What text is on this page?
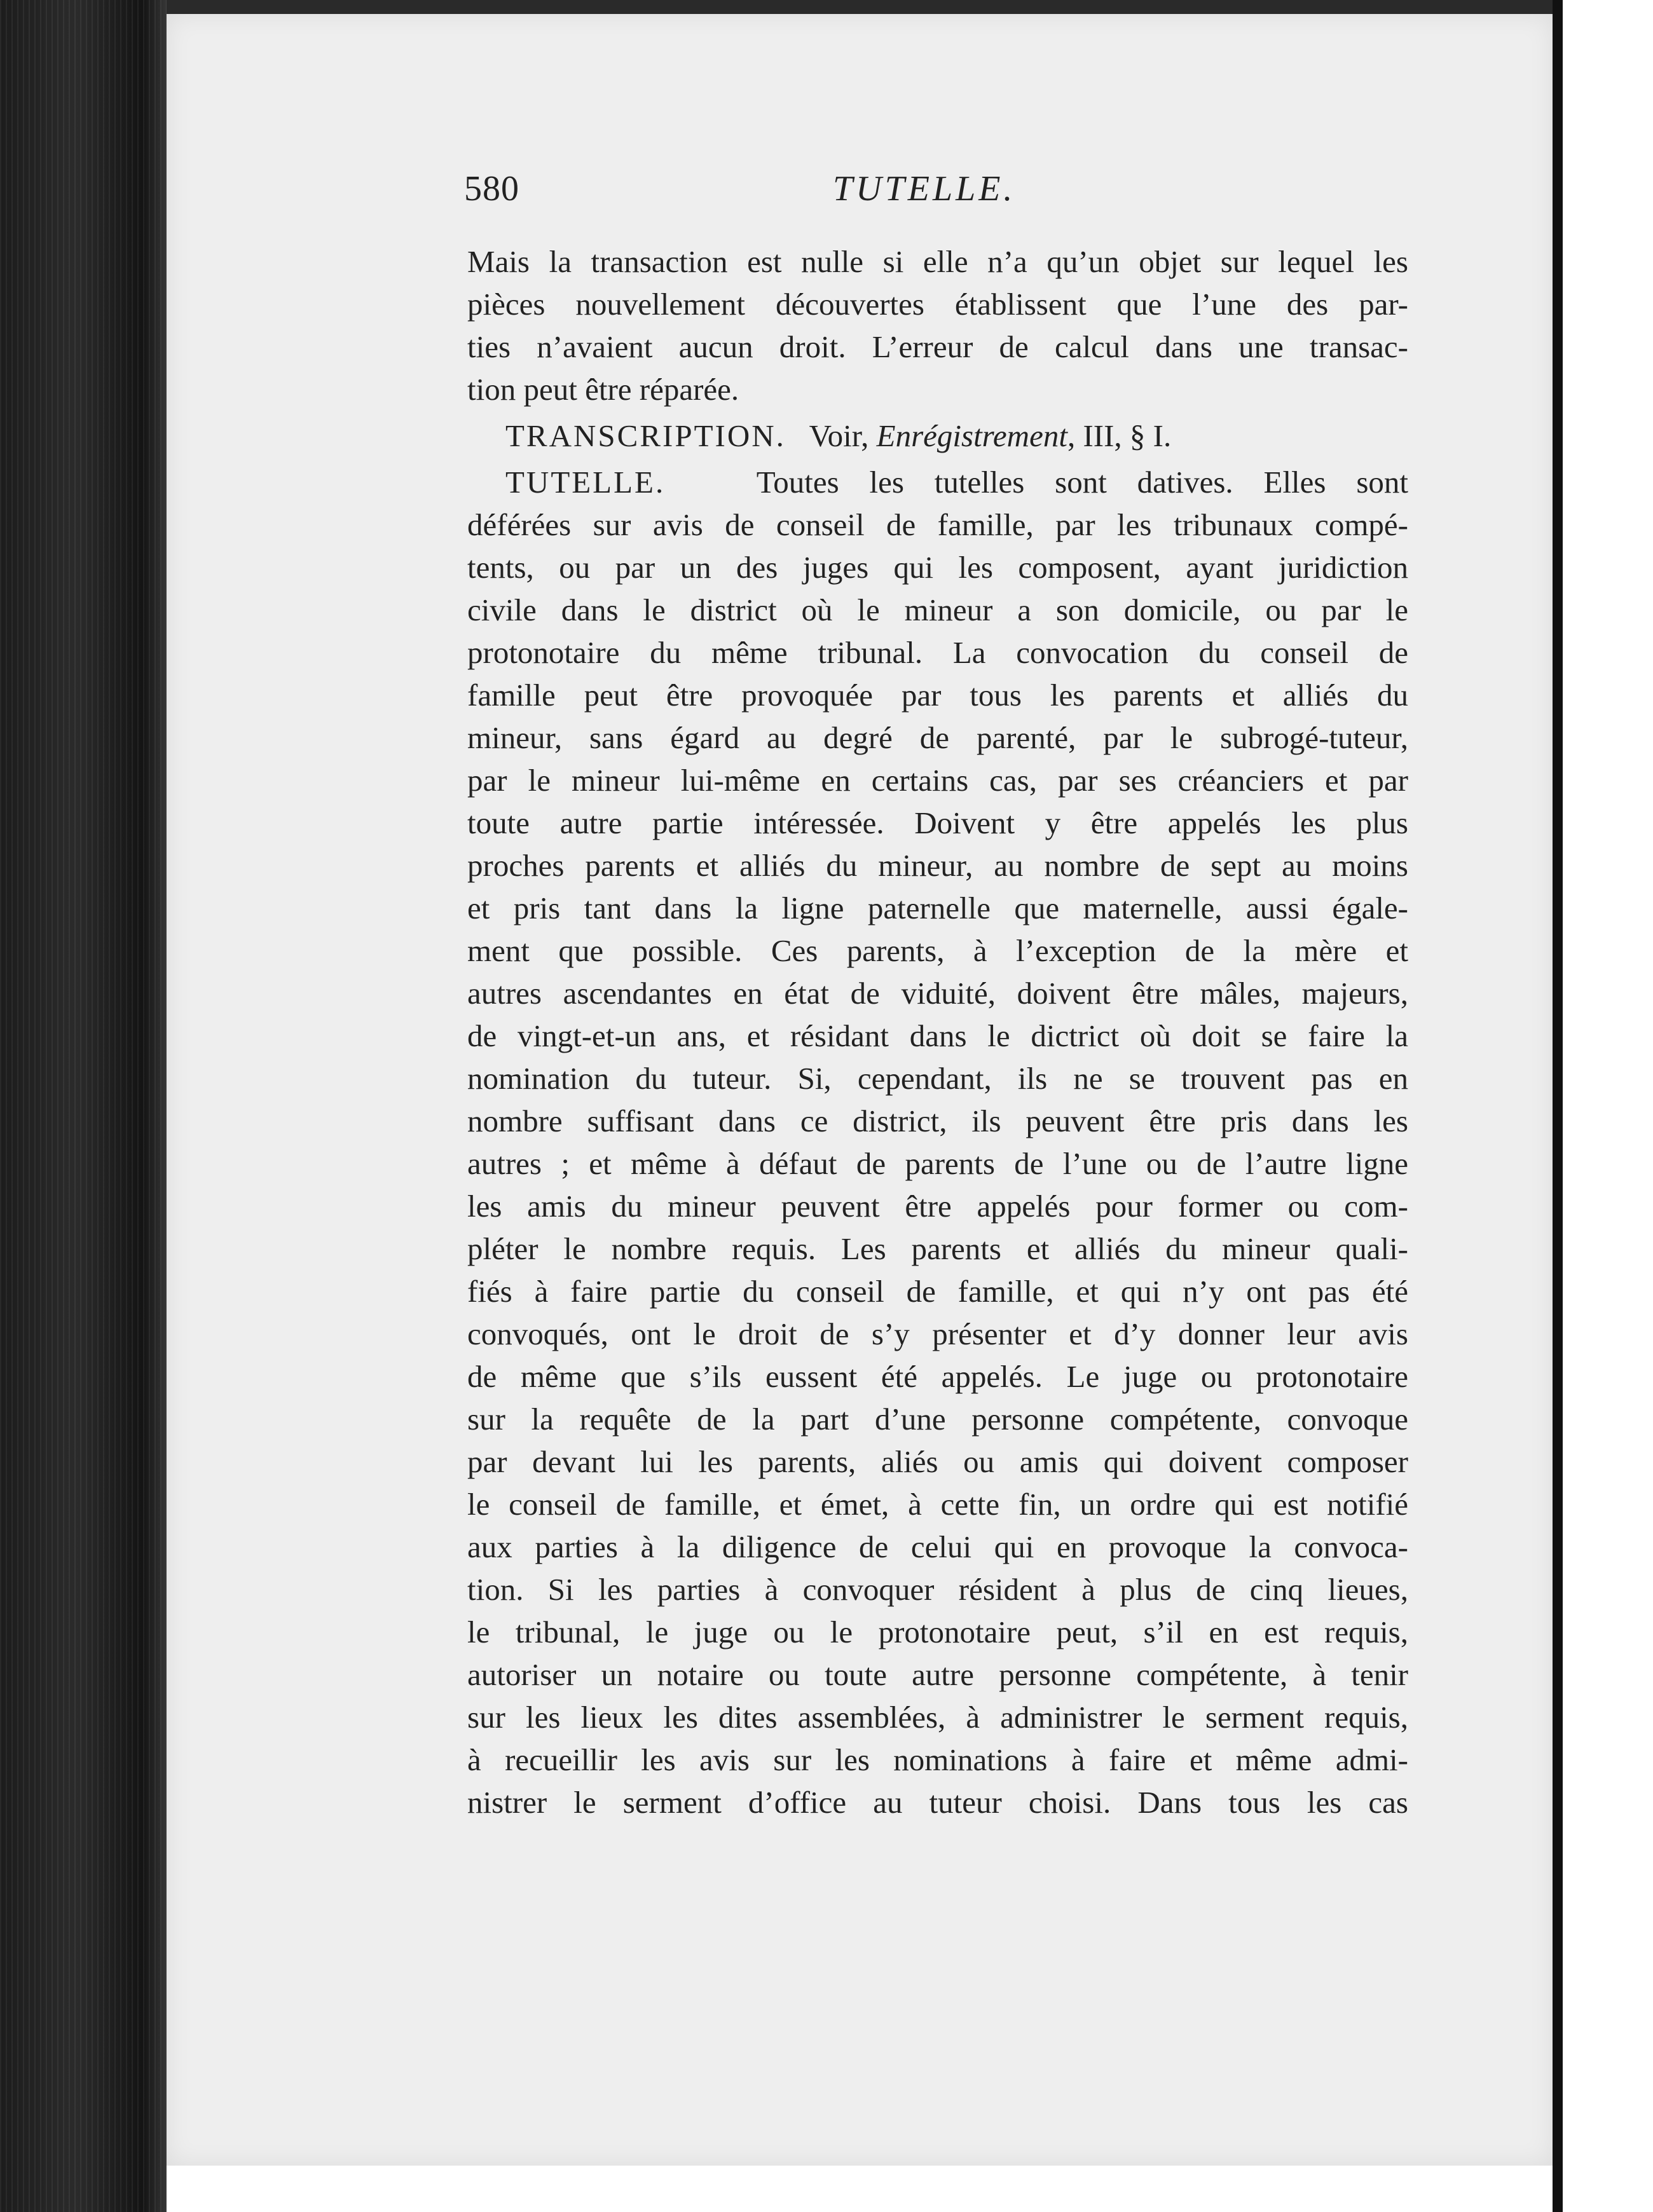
580	TUTELLE.
Mais la transaction est nulle si elle n’a qu’un objet sur lequel les
pièces nouvellement découvertes établissent que l’une des par-
ties n’avaient aucun droit. L’erreur de calcul dans une transac-
tion peut être réparée.
TRANSCRIPTION. Voir, Enrégistrement, III, § I.
TUTELLE.	Toutes les tutelles sont datives. Elles sont
déférées sur avis de conseil de famille, par les tribunaux compé-
tents, ou par un des juges qui les composent, ayant juridiction
civile dans le district où le mineur a son domicile, ou par le
protonotaire du même tribunal. La convocation du conseil de
famille peut être provoquée par tous les parents et alliés du
mineur, sans égard au degré de parenté, par le subrogé-tuteur,
par le mineur lui-même en certains cas, par ses créanciers et par
toute autre partie intéressée. Doivent y être appelés les plus
proches parents et alliés du mineur, au nombre de sept au moins
et pris tant dans la ligne paternelle que maternelle, aussi égale-
ment que possible. Ces parents, à l’exception de la mère et
autres ascendantes en état de viduité, doivent être mâles, majeurs,
de vingt-et-un ans, et résidant dans le dictrict où doit se faire la
nomination du tuteur. Si, cependant, ils ne se trouvent pas en
nombre suffisant dans ce district, ils peuvent être pris dans les
autres ; et même à défaut de parents de l’une ou de l’autre ligne
les amis du mineur peuvent être appelés pour former ou com-
pléter le nombre requis. Les parents et alliés du mineur quali-
fiés à faire partie du conseil de famille, et qui n’y ont pas été
convoqués, ont le droit de s’y présenter et d’y donner leur avis
de même que s’ils eussent été appelés. Le juge ou protonotaire
sur la requête de la part d’une personne compétente, convoque
par devant lui les parents, aliés ou amis qui doivent composer
le conseil de famille, et émet, à cette fin, un ordre qui est notifié
aux parties à la diligence de celui qui en provoque la convoca-
tion. Si les parties à convoquer résident à plus de cinq lieues,
le tribunal, le juge ou le protonotaire peut, s’il en est requis,
autoriser un notaire ou toute autre personne compétente, à tenir
sur les lieux les dites assemblées, à administrer le serment requis,
à recueillir les avis sur les nominations à faire et même admi-
nistrer le serment d’office au tuteur choisi. Dans tous les cas
